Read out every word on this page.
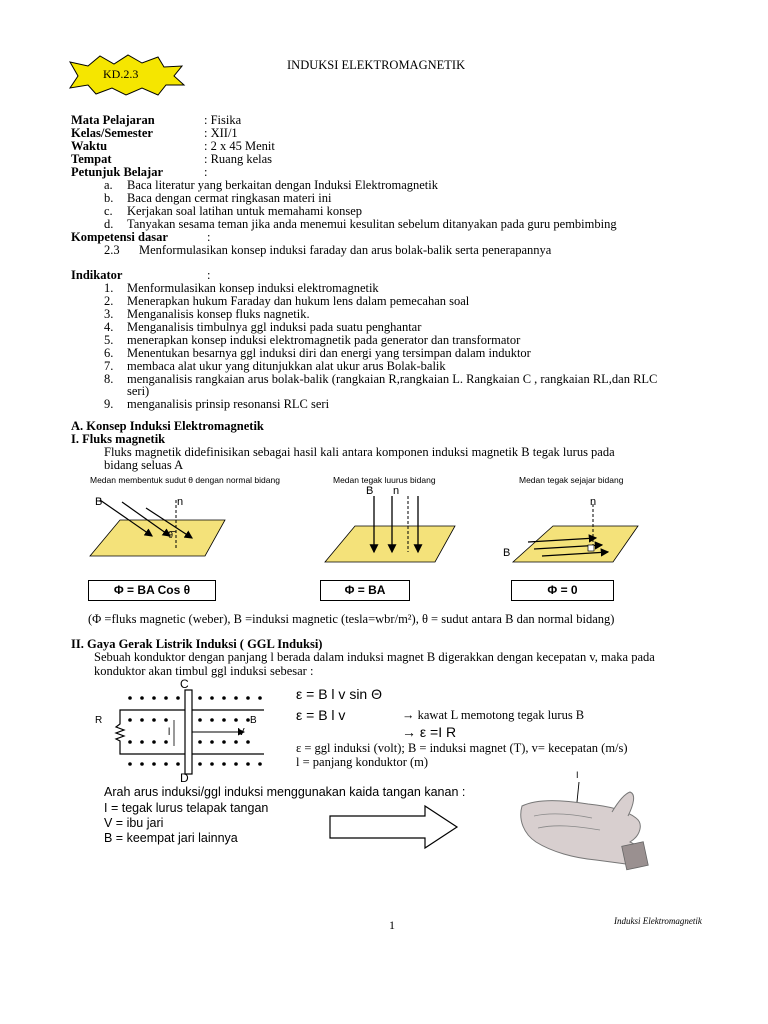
KD.2.3
INDUKSI ELEKTROMAGNETIK
Mata Pelajaran	: Fisika
Kelas/Semester	: XII/1
Waktu	: 2 x 45 Menit
Tempat	: Ruang kelas
Petunjuk Belajar	:
a. Baca literatur yang berkaitan dengan Induksi Elektromagnetik
b. Baca dengan cermat ringkasan materi ini
c. Kerjakan soal latihan untuk memahami konsep
d. Tanyakan sesama teman jika anda menemui kesulitan sebelum ditanyakan pada guru pembimbing
Kompetensi dasar	:
2.3 Menformulasikan konsep induksi faraday dan arus bolak-balik serta penerapannya
Indikator	:
1. Menformulasikan konsep induksi elektromagnetik
2. Menerapkan hukum Faraday dan hukum lens dalam pemecahan soal
3. Menganalisis konsep fluks nagnetik.
4. Menganalisis timbulnya ggl induksi pada suatu penghantar
5. menerapkan konsep induksi elektromagnetik pada generator dan transformator
6. Menentukan besarnya ggl induksi diri dan energi yang tersimpan dalam induktor
7. membaca alat ukur yang ditunjukkan alat ukur arus Bolak-balik
8. menganalisis rangkaian arus bolak-balik (rangkaian R,rangkaian L. Rangkaian C , rangkaian RL,dan RLC
seri)
9. menganalisis prinsip resonansi RLC seri
A. Konsep Induksi Elektromagnetik
I. Fluks magnetik
Fluks magnetik didefinisikan sebagai hasil kali antara komponen induksi magnetik B tegak lurus pada
bidang seluas A
Medan membentuk sudut θ dengan normal bidang	Medan tegak luurus bidang	Medan tegak sejajar bidang
B	n
θ
B n
n
B
Φ = BA Cos θ	Φ = BA	Φ = 0
(Φ =fluks magnetic (weber), B =induksi magnetic (tesla=wbr/m²), θ = sudut antara B dan normal bidang)
II. Gaya Gerak Listrik Induksi ( GGL Induksi)
Sebuah konduktor dengan panjang l berada dalam induksi magnet B digerakkan dengan kecepatan v, maka pada
konduktor akan timbul ggl induksi sebesar :
C
D
R	B
l	V
ε = B l v sin Θ
ε = B l v	→ kawat L memotong tegak lurus B
→ ε =I R
ε = ggl induksi (volt); B = induksi magnet (T), v= kecepatan (m/s)
l = panjang konduktor (m)
Arah arus induksi/ggl induksi menggunakan kaida tangan kanan :
I = tegak lurus telapak tangan
V = ibu jari
B = keempat jari lainnya
I
1	Induksi Elektromagnetik
